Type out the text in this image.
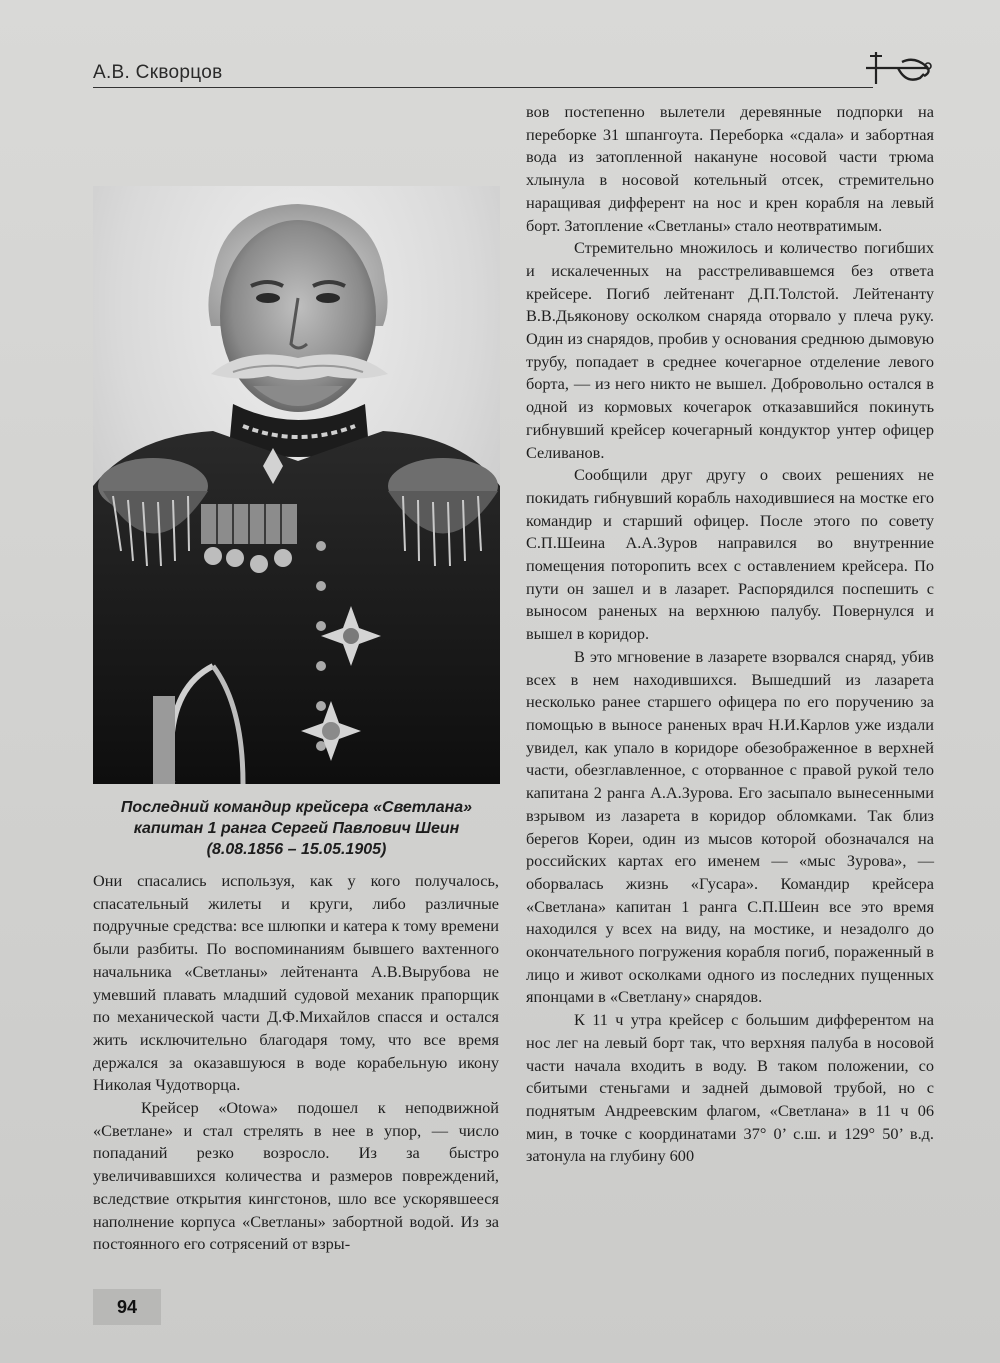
А.В. Скворцов
Последний командир крейсера «Светлана»
капитан 1 ранга Сергей Павлович Шеин
(8.08.1856 – 15.05.1905)

вов постепенно вылетели деревянные подпорки на переборке 31 шпангоута. Переборка «сдала» и забортная вода из затопленной накануне носовой части трюма хлынула в носовой котельный отсек, стремительно наращивая дифферент на нос и крен корабля на левый борт. Затопление «Светланы» стало неотвратимым.

Стремительно множилось и количество погибших и искалеченных на расстреливавшемся без ответа крейсере. Погиб лейтенант Д.П.Толстой. Лейтенанту В.В.Дьяконову осколком снаряда оторвало у плеча руку. Один из снарядов, пробив у основания среднюю дымовую трубу, попадает в среднее кочегарное отделение левого борта, — из него никто не вышел. Добровольно остался в одной из кормовых кочегарок отказавшийся покинуть гибнувший крейсер кочегарный кондуктор унтер офицер Селиванов.

Сообщили друг другу о своих решениях не покидать гибнувший корабль находившиеся на мостке его командир и старший офицер. После этого по совету С.П.Шеина А.А.Зуров направился во внутренние помещения поторопить всех с оставлением крейсера. По пути он зашел и в лазарет. Распорядился поспешить с выносом раненых на верхнюю палубу. Повернулся и вышел в коридор.

В это мгновение в лазарете взорвался снаряд, убив всех в нем находившихся. Вышедший из лазарета несколько ранее старшего офицера по его поручению за помощью в выносе раненых врач Н.И.Карлов уже издали увидел, как упало в коридоре обезображенное в верхней части, обезглавленное, с оторванное с правой рукой тело капитана 2 ранга А.А.Зурова. Его засыпало вынесенными взрывом из лазарета в коридор обломками. Так близ берегов Кореи, один из мысов которой обозначался на российских картах его именем — «мыс Зурова», — оборвалась жизнь «Гусара». Командир крейсера «Светлана» капитан 1 ранга С.П.Шеин все это время находился у всех на виду, на мостике, и незадолго до окончательного погружения корабля погиб, пораженный в лицо и живот осколками одного из последних пущенных японцами в «Светлану» снарядов.

К 11 ч утра крейсер с большим дифферентом на нос лег на левый борт так, что верхняя палуба в носовой части начала входить в воду. В таком положении, со сбитыми стеньгами и задней дымовой трубой, но с поднятым Андреевским флагом, «Светлана» в 11 ч 06 мин, в точке с координатами 37° 0’ с.ш. и 129° 50’ в.д. затонула на глубину 600

Они спасались используя, как у кого получалось, спасательный жилеты и круги, либо различные подручные средства: все шлюпки и катера к тому времени были разбиты. По воспоминаниям бывшего вахтенного начальника «Светланы» лейтенанта А.В.Вырубова не умевший плавать младший судовой механик прапорщик по механической части Д.Ф.Михайлов спасся и остался жить исключительно благодаря тому, что все время держался за оказавшуюся в воде корабельную икону Николая Чудотворца.

Крейсер «Otowa» подошел к неподвижной «Светлане» и стал стрелять в нее в упор, — число попаданий резко возросло. Из за быстро увеличивавшихся количества и размеров повреждений, вследствие открытия кингстонов, шло все ускорявшееся наполнение корпуса «Светланы» забортной водой. Из за постоянного его сотрясений от взры-

94
